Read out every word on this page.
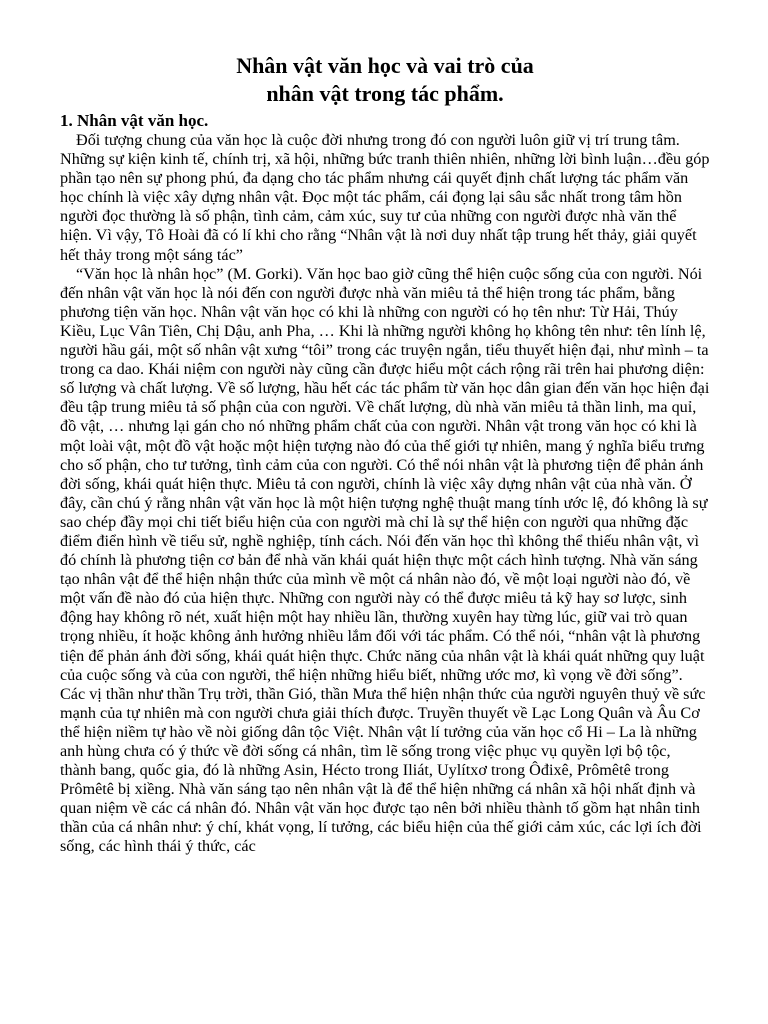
Nhân vật văn học và vai trò của
nhân vật trong tác phẩm.
1. Nhân vật văn học.

Đối tượng chung của văn học là cuộc đời nhưng trong đó con người luôn giữ vị trí trung tâm. Những sự kiện kinh tế, chính trị, xã hội, những bức tranh thiên nhiên, những lời bình luận…đều góp phần tạo nên sự phong phú, đa dạng cho tác phẩm nhưng cái quyết định chất lượng tác phẩm văn học chính là việc xây dựng nhân vật. Đọc một tác phẩm, cái đọng lại sâu sắc nhất trong tâm hồn người đọc thường là số phận, tình cảm, cảm xúc, suy tư của những con người được nhà văn thể hiện. Vì vậy, Tô Hoài đã có lí khi cho rằng “Nhân vật là nơi duy nhất tập trung hết thảy, giải quyết hết thảy trong một sáng tác”

“Văn học là nhân học” (M. Gorki). Văn học bao giờ cũng thể hiện cuộc sống của con người. Nói đến nhân vật văn học là nói đến con người được nhà văn miêu tả thể hiện trong tác phẩm, bằng phương tiện văn học. Nhân vật văn học có khi là những con người có họ tên như: Từ Hải, Thúy Kiều, Lục Vân Tiên, Chị Dậu, anh Pha, … Khi là những người không họ không tên như: tên lính lệ, người hầu gái, một số nhân vật xưng “tôi” trong các truyện ngắn, tiểu thuyết hiện đại, như mình – ta trong ca dao. Khái niệm con người này cũng cần được hiểu một cách rộng rãi trên hai phương diện: số lượng và chất lượng. Về số lượng, hầu hết các tác phẩm từ văn học dân gian đến văn học hiện đại đều tập trung miêu tả số phận của con người. Về chất lượng, dù nhà văn miêu tả thần linh, ma quỉ, đồ vật, … nhưng lại gán cho nó những phẩm chất của con người. Nhân vật trong văn học có khi là một loài vật, một đồ vật hoặc một hiện tượng nào đó của thế giới tự nhiên, mang ý nghĩa biểu trưng cho số phận, cho tư tưởng, tình cảm của con người. Có thể nói nhân vật là phương tiện để phản ánh đời sống, khái quát hiện thực. Miêu tả con người, chính là việc xây dựng nhân vật của nhà văn. Ở đây, cần chú ý rằng nhân vật văn học là một hiện tượng nghệ thuật mang tính ước lệ, đó không là sự sao chép đầy mọi chi tiết biểu hiện của con người mà chỉ là sự thể hiện con người qua những đặc điểm điển hình về tiểu sử, nghề nghiệp, tính cách. Nói đến văn học thì không thể thiếu nhân vật, vì đó chính là phương tiện cơ bản để nhà văn khái quát hiện thực một cách hình tượng. Nhà văn sáng tạo nhân vật để thể hiện nhận thức của mình về một cá nhân nào đó, về một loại người nào đó, về một vấn đề nào đó của hiện thực. Những con người này có thể được miêu tả kỹ hay sơ lược, sinh động hay không rõ nét, xuất hiện một hay nhiều lần, thường xuyên hay từng lúc, giữ vai trò quan trọng nhiều, ít hoặc không ảnh hưởng nhiều lắm đối với tác phẩm. Có thể nói, “nhân vật là phương tiện để phản ánh đời sống, khái quát hiện thực. Chức năng của nhân vật là khái quát những quy luật của cuộc sống và của con người, thể hiện những hiểu biết, những ước mơ, kì vọng về đời sống”. Các vị thần như thần Trụ trời, thần Gió, thần Mưa thể hiện nhận thức của người nguyên thuỷ về sức mạnh của tự nhiên mà con người chưa giải thích được. Truyền thuyết về Lạc Long Quân và Âu Cơ thể hiện niềm tự hào về nòi giống dân tộc Việt. Nhân vật lí tưởng của văn học cổ Hi – La là những anh hùng chưa có ý thức về đời sống cá nhân, tìm lẽ sống trong việc phục vụ quyền lợi bộ tộc, thành bang, quốc gia, đó là những Asin, Hécto trong Iliát, Uylítxơ trong Ôđixê, Prômêtê trong Prômêtê bị xiềng. Nhà văn sáng tạo nên nhân vật là để thể hiện những cá nhân xã hội nhất định và quan niệm về các cá nhân đó. Nhân vật văn học được tạo nên bởi nhiều thành tố gồm hạt nhân tinh thần của cá nhân như: ý chí, khát vọng, lí tưởng, các biểu hiện của thế giới cảm xúc, các lợi ích đời sống, các hình thái ý thức, các
